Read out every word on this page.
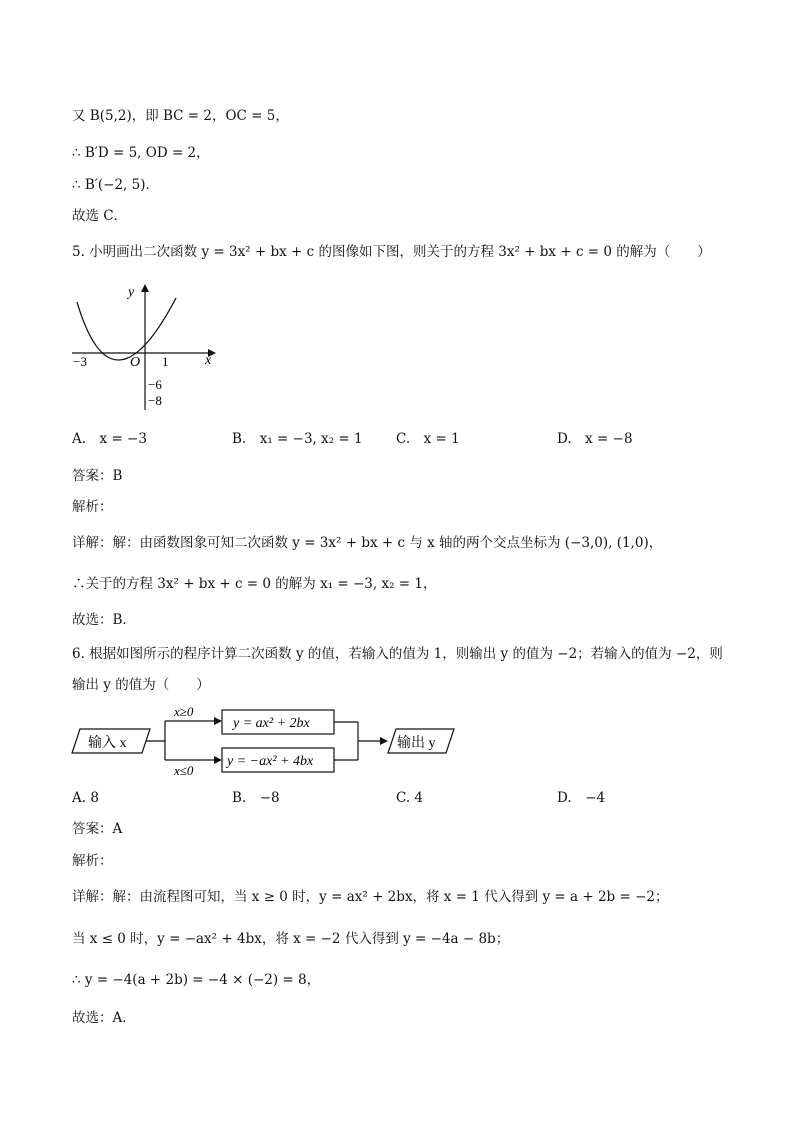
又 B(5,2)，即 BC = 2，OC = 5，
∴ B′D = 5, OD = 2，
∴ B′(−2, 5)．
故选 C．
5. 小明画出二次函数 y = 3x² + bx + c 的图像如下图，则关于的方程 3x² + bx + c = 0 的解为（　　）
y
x
O
−3	1
−6
−8
A.　x = −3	B.　x₁ = −3, x₂ = 1 C.　x = 1	D.　x = −8
答案：B
解析：
详解：解：由函数图象可知二次函数 y = 3x² + bx + c 与 x 轴的两个交点坐标为 (−3,0), (1,0)，
∴关于的方程 3x² + bx + c = 0 的解为 x₁ = −3, x₂ = 1，
故选：B．
6. 根据如图所示的程序计算二次函数 y 的值，若输入的值为 1，则输出 y 的值为 −2；若输入的值为 −2，则
输出 y 的值为（　　）
输入 x
x≥0
x≤0
y = ax² + 2bx
y = −ax² + 4bx
输出 y
A. 8	B.　−8	C. 4	D.　−4
答案：A
解析：
详解：解：由流程图可知，当 x ≥ 0 时，y = ax² + 2bx，将 x = 1 代入得到 y = a + 2b = −2；
当 x ≤ 0 时，y = −ax² + 4bx，将 x = −2 代入得到 y = −4a − 8b；
∴ y = −4(a + 2b) = −4 × (−2) = 8，
故选：A．
